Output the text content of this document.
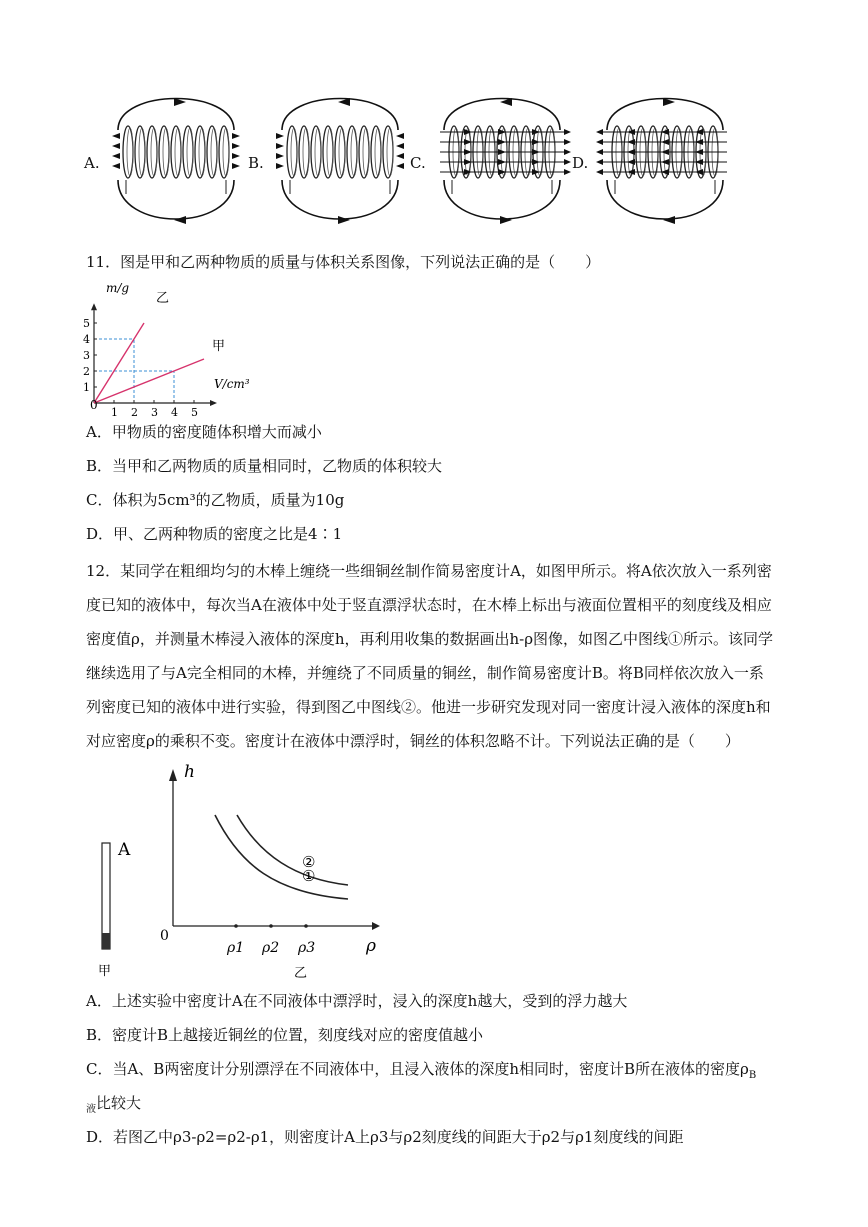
A.	B.	C.	D.
11．图是甲和乙两种物质的质量与体积关系图像，下列说法正确的是（　　）
m/g
V/cm³
0
乙
甲
1 2 3 4 5
1
2
3
4
5
A．甲物质的密度随体积增大而减小
B．当甲和乙两物质的质量相同时，乙物质的体积较大
C．体积为5cm³的乙物质，质量为10g
D．甲、乙两种物质的密度之比是4∶1
12．某同学在粗细均匀的木棒上缠绕一些细铜丝制作简易密度计A，如图甲所示。将A依次放入一系列密
度已知的液体中，每次当A在液体中处于竖直漂浮状态时，在木棒上标出与液面位置相平的刻度线及相应
密度值ρ，并测量木棒浸入液体的深度h，再利用收集的数据画出h-ρ图像，如图乙中图线①所示。该同学
继续选用了与A完全相同的木棒，并缠绕了不同质量的铜丝，制作简易密度计B。将B同样依次放入一系
列密度已知的液体中进行实验，得到图乙中图线②。他进一步研究发现对同一密度计浸入液体的深度h和
对应密度ρ的乘积不变。密度计在液体中漂浮时，铜丝的体积忽略不计。下列说法正确的是（　　）
A
甲
h
ρ
0
ρ1 ρ2 ρ3
②
①
乙
A．上述实验中密度计A在不同液体中漂浮时，浸入的深度h越大，受到的浮力越大
B．密度计B上越接近铜丝的位置，刻度线对应的密度值越小
C．当A、B两密度计分别漂浮在不同液体中，且浸入液体的深度h相同时，密度计B所在液体的密度$\rho_B$
$_液$比较大
D．若图乙中ρ3-ρ2=ρ2-ρ1，则密度计A上ρ3与ρ2刻度线的间距大于ρ2与ρ1刻度线的间距
